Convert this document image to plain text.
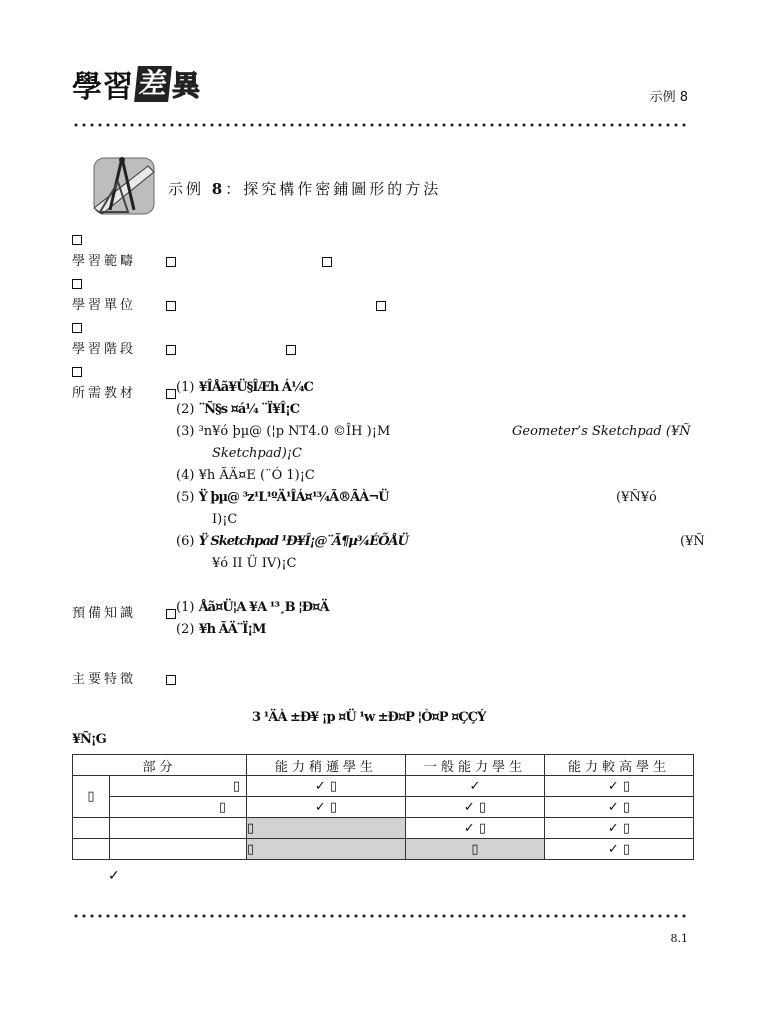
學習 差 異	示例 8
示例 8：探究構作密鋪圖形的方法
學習範疇
學習單位
學習階段
所需教材	(1) ¥ÎÅã¥Ü§ÎÆh Á¼C
(2) ¨Ñ§s ¤á¼ ¨Ï¥Î¡C
(3) ³n¥ó þµ@ (¦p NT4.0 ©ÎH )¡M	Geometer’s Sketchpad (¥Ñ
Sketchpad)¡C
(4) ¥h ÃÄ¤E (¨Ó 1)¡C
(5) Ÿ þµ@ ³z¹L¹ºÄ¹ÎÁ¤¹¾Ã®ÃÀ¬Ü	(¥Ñ¥ó
I)¡C
(6) Ÿ Sketchpad ¹Ð¥Î¡@¨Ã¶µ¾ÉÕÅÜ	(¥Ñ
¥ó II Ü IV)¡C
預備知識	(1) Åã¤Ü¦A ¥A ¹³¸B ¦Ð¤Ä
(2) ¥h ÃÄ¨Ï¡M
主要特徵
3 ¹ÄÀ ±Ð¥ ¡p ¤Ü ¹w ±Ð¤P ¦Ò¤P ¤ÇÇÝ
¥Ñ¡G
部分		能力稍遜學生	一般能力學生	能力較高學生
▯	▯	✓ ▯	✓	✓ ▯
	▯	✓ ▯	✓ ▯	✓ ▯
		▯	✓ ▯	✓ ▯
		▯	▯	✓ ▯
✓
8.1
